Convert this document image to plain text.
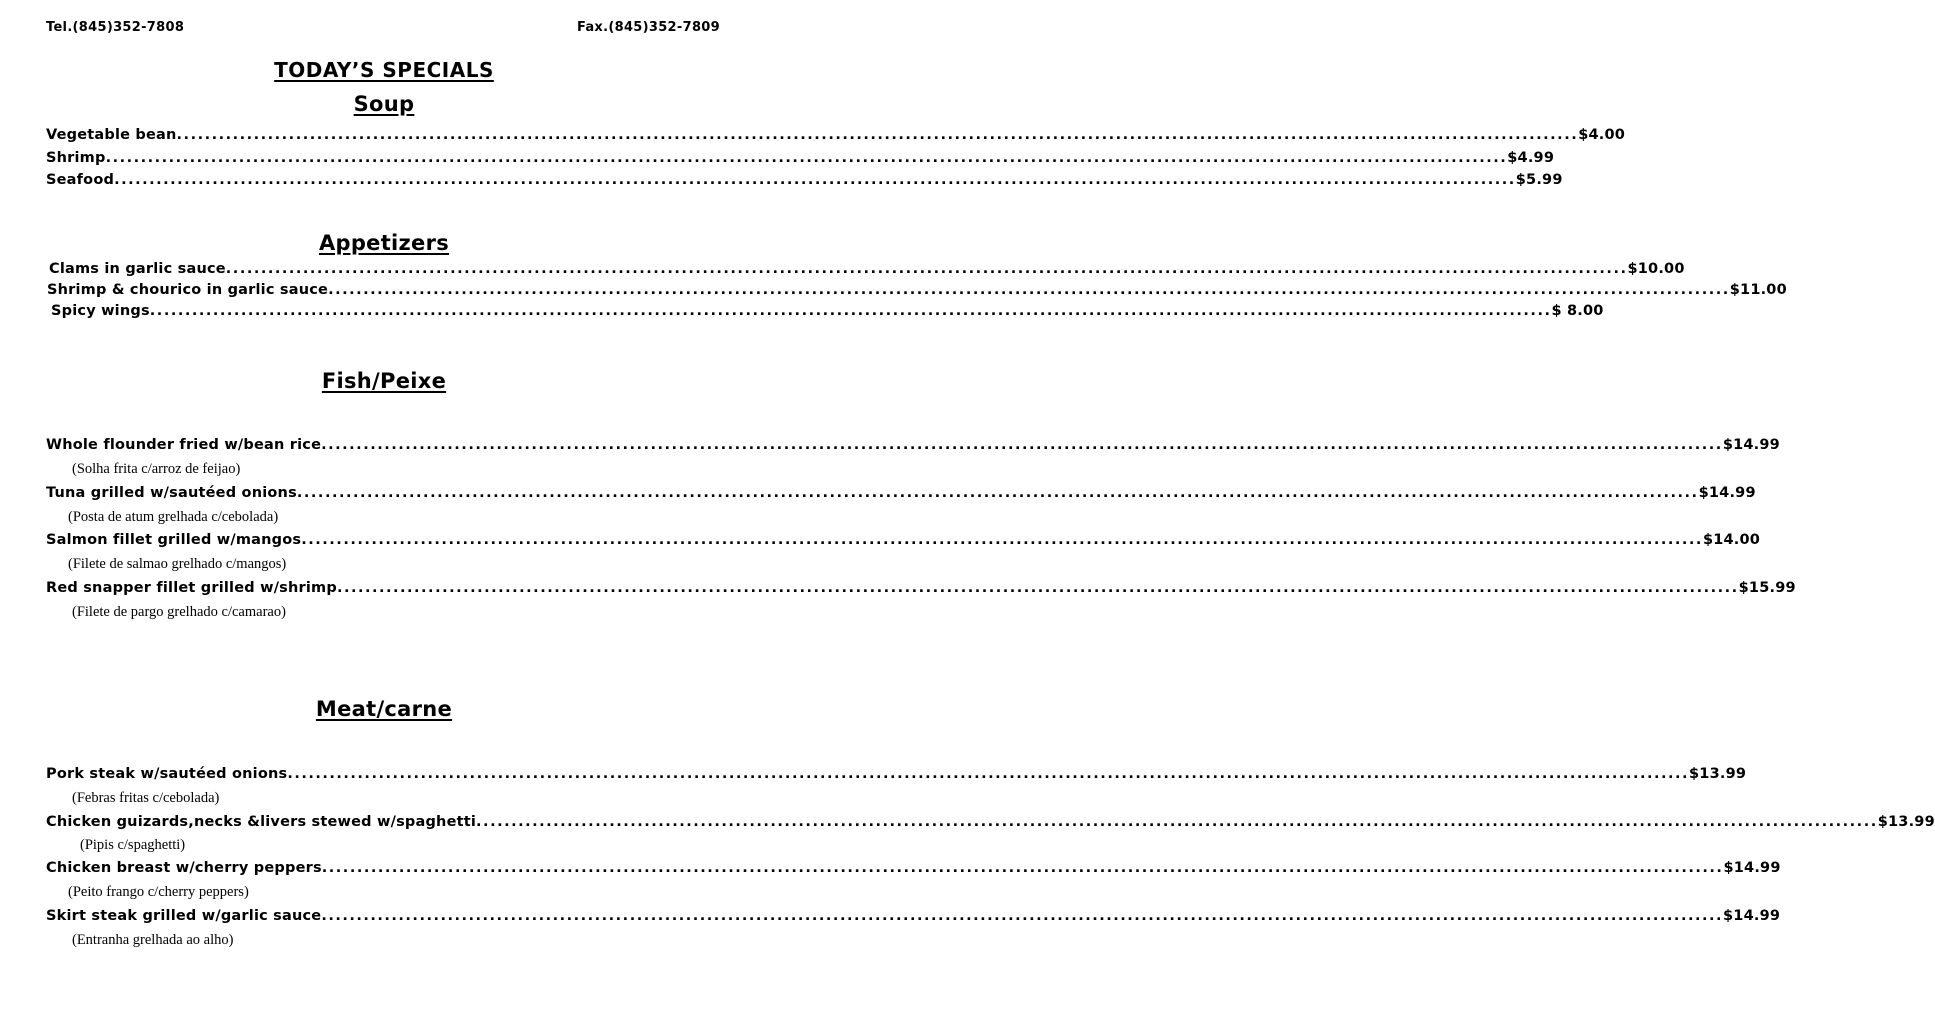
Tel.(845)352-7808	Fax.(845)352-7809
TODAY’S SPECIALS
Soup
Vegetable bean ........................................................................................................................................................................................................ $4.00
Shrimp ........................................................................................................................................................................................................ $4.99
Seafood ........................................................................................................................................................................................................ $5.99
Appetizers
Clams in garlic sauce ........................................................................................................................................................................................................ $10.00
Shrimp & chourico in garlic sauce ........................................................................................................................................................................................................ $11.00
Spicy wings ........................................................................................................................................................................................................ $ 8.00
Fish/Peixe
Whole flounder fried w/bean rice ........................................................................................................................................................................................................ $14.99
(Solha frita c/arroz de feijao)
Tuna grilled w/sautéed onions ........................................................................................................................................................................................................ $14.99
(Posta de atum grelhada c/cebolada)
Salmon fillet grilled w/mangos ........................................................................................................................................................................................................ $14.00
(Filete de salmao grelhado c/mangos)
Red snapper fillet grilled w/shrimp ........................................................................................................................................................................................................ $15.99
(Filete de pargo grelhado c/camarao)
Meat/carne
Pork steak w/sautéed onions ........................................................................................................................................................................................................ $13.99
(Febras fritas c/cebolada)
Chicken guizards,necks &livers stewed w/spaghetti ........................................................................................................................................................................................................ $13.99
(Pipis c/spaghetti)
Chicken breast w/cherry peppers ........................................................................................................................................................................................................ $14.99
(Peito frango c/cherry peppers)
Skirt steak grilled w/garlic sauce ........................................................................................................................................................................................................ $14.99
(Entranha grelhada ao alho)
